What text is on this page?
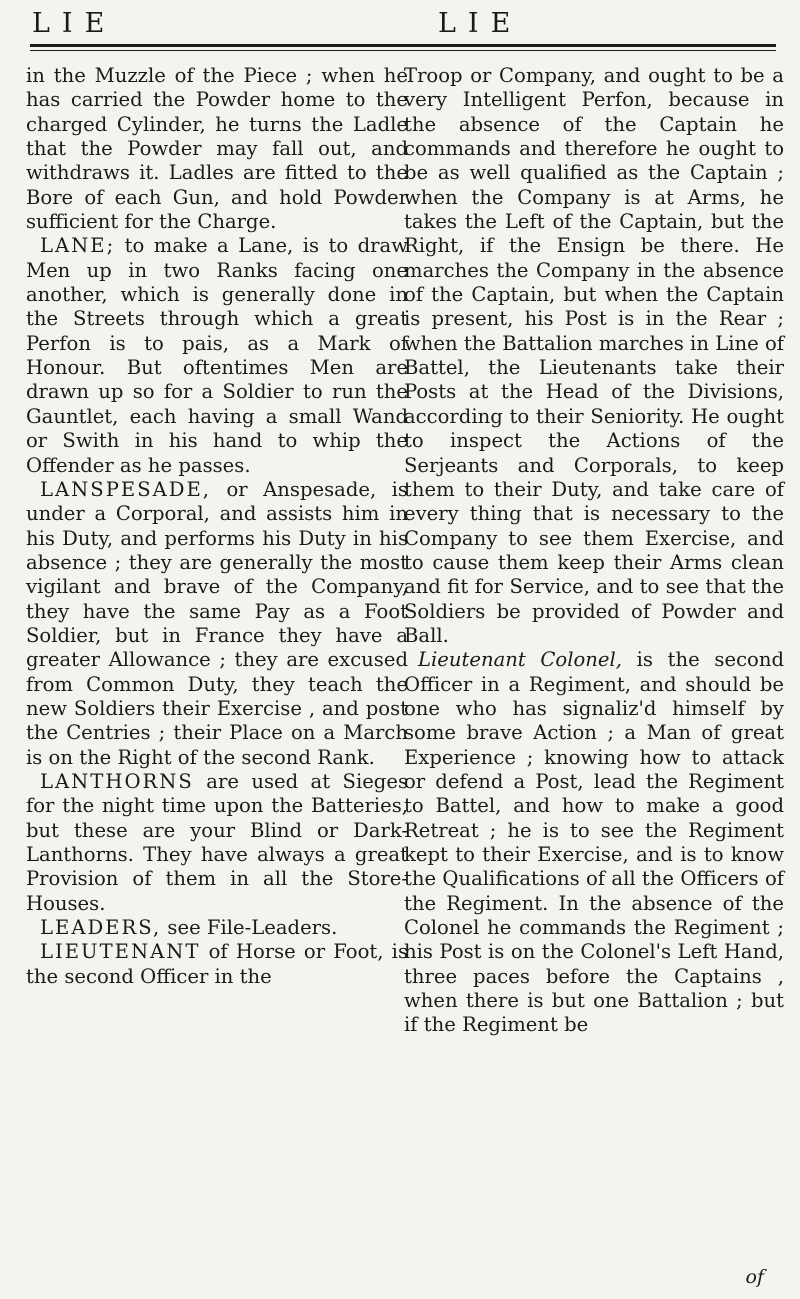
LIE	LIE

in the Muzzle of the Piece ; when he has carried the Powder home to the charged Cylinder, he turns the Ladle that the Powder may fall out, and withdraws it. Ladles are fitted to the Bore of each Gun, and hold Powder sufficient for the Charge.

LANE; to make a Lane, is to draw Men up in two Ranks facing one another, which is generally done in the Streets through which a great Perfon is to pais, as a Mark of Honour. But oftentimes Men are drawn up so for a Soldier to run the Gauntlet, each having a small Wand or Swith in his hand to whip the Offender as he passes.

LANSPESADE, or Anspesade, is under a Corporal, and assists him in his Duty, and performs his Duty in his absence ; they are generally the most vigilant and brave of the Company, they have the same Pay as a Foot Soldier, but in France they have a greater Allowance ; they are excused from Common Duty, they teach the new Soldiers their Exercise , and post the Centries ; their Place on a March is on the Right of the second Rank.

LANTHORNS are used at Sieges for the night time upon the Batteries, but these are your Blind or Dark-Lanthorns. They have always a great Provision of them in all the Store-Houses.

LEADERS, see File-Leaders.

LIEUTENANT of Horse or Foot, is the second Officer in the

Troop or Company, and ought to be a very Intelligent Perfon, because in the absence of the Captain he commands and therefore he ought to be as well qualified as the Captain ; when the Company is at Arms, he takes the Left of the Captain, but the Right, if the Ensign be there. He marches the Company in the absence of the Captain, but when the Captain is present, his Post is in the Rear ; when the Battalion marches in Line of Battel, the Lieutenants take their Posts at the Head of the Divisions, according to their Seniority. He ought to inspect the Actions of the Serjeants and Corporals, to keep them to their Duty, and take care of every thing that is necessary to the Company to see them Exercise, and to cause them keep their Arms clean and fit for Service, and to see that the Soldiers be provided of Powder and Ball.

Lieutenant Colonel, is the second Officer in a Regiment, and should be one who has signaliz'd himself by some brave Action ; a Man of great Experience ; knowing how to attack or defend a Post, lead the Regiment to Battel, and how to make a good Retreat ; he is to see the Regiment kept to their Exercise, and is to know the Qualifications of all the Officers of the Regiment. In the absence of the Colonel he commands the Regiment ; his Post is on the Colonel's Left Hand, three paces before the Captains , when there is but one Battalion ; but if the Regiment be

of
